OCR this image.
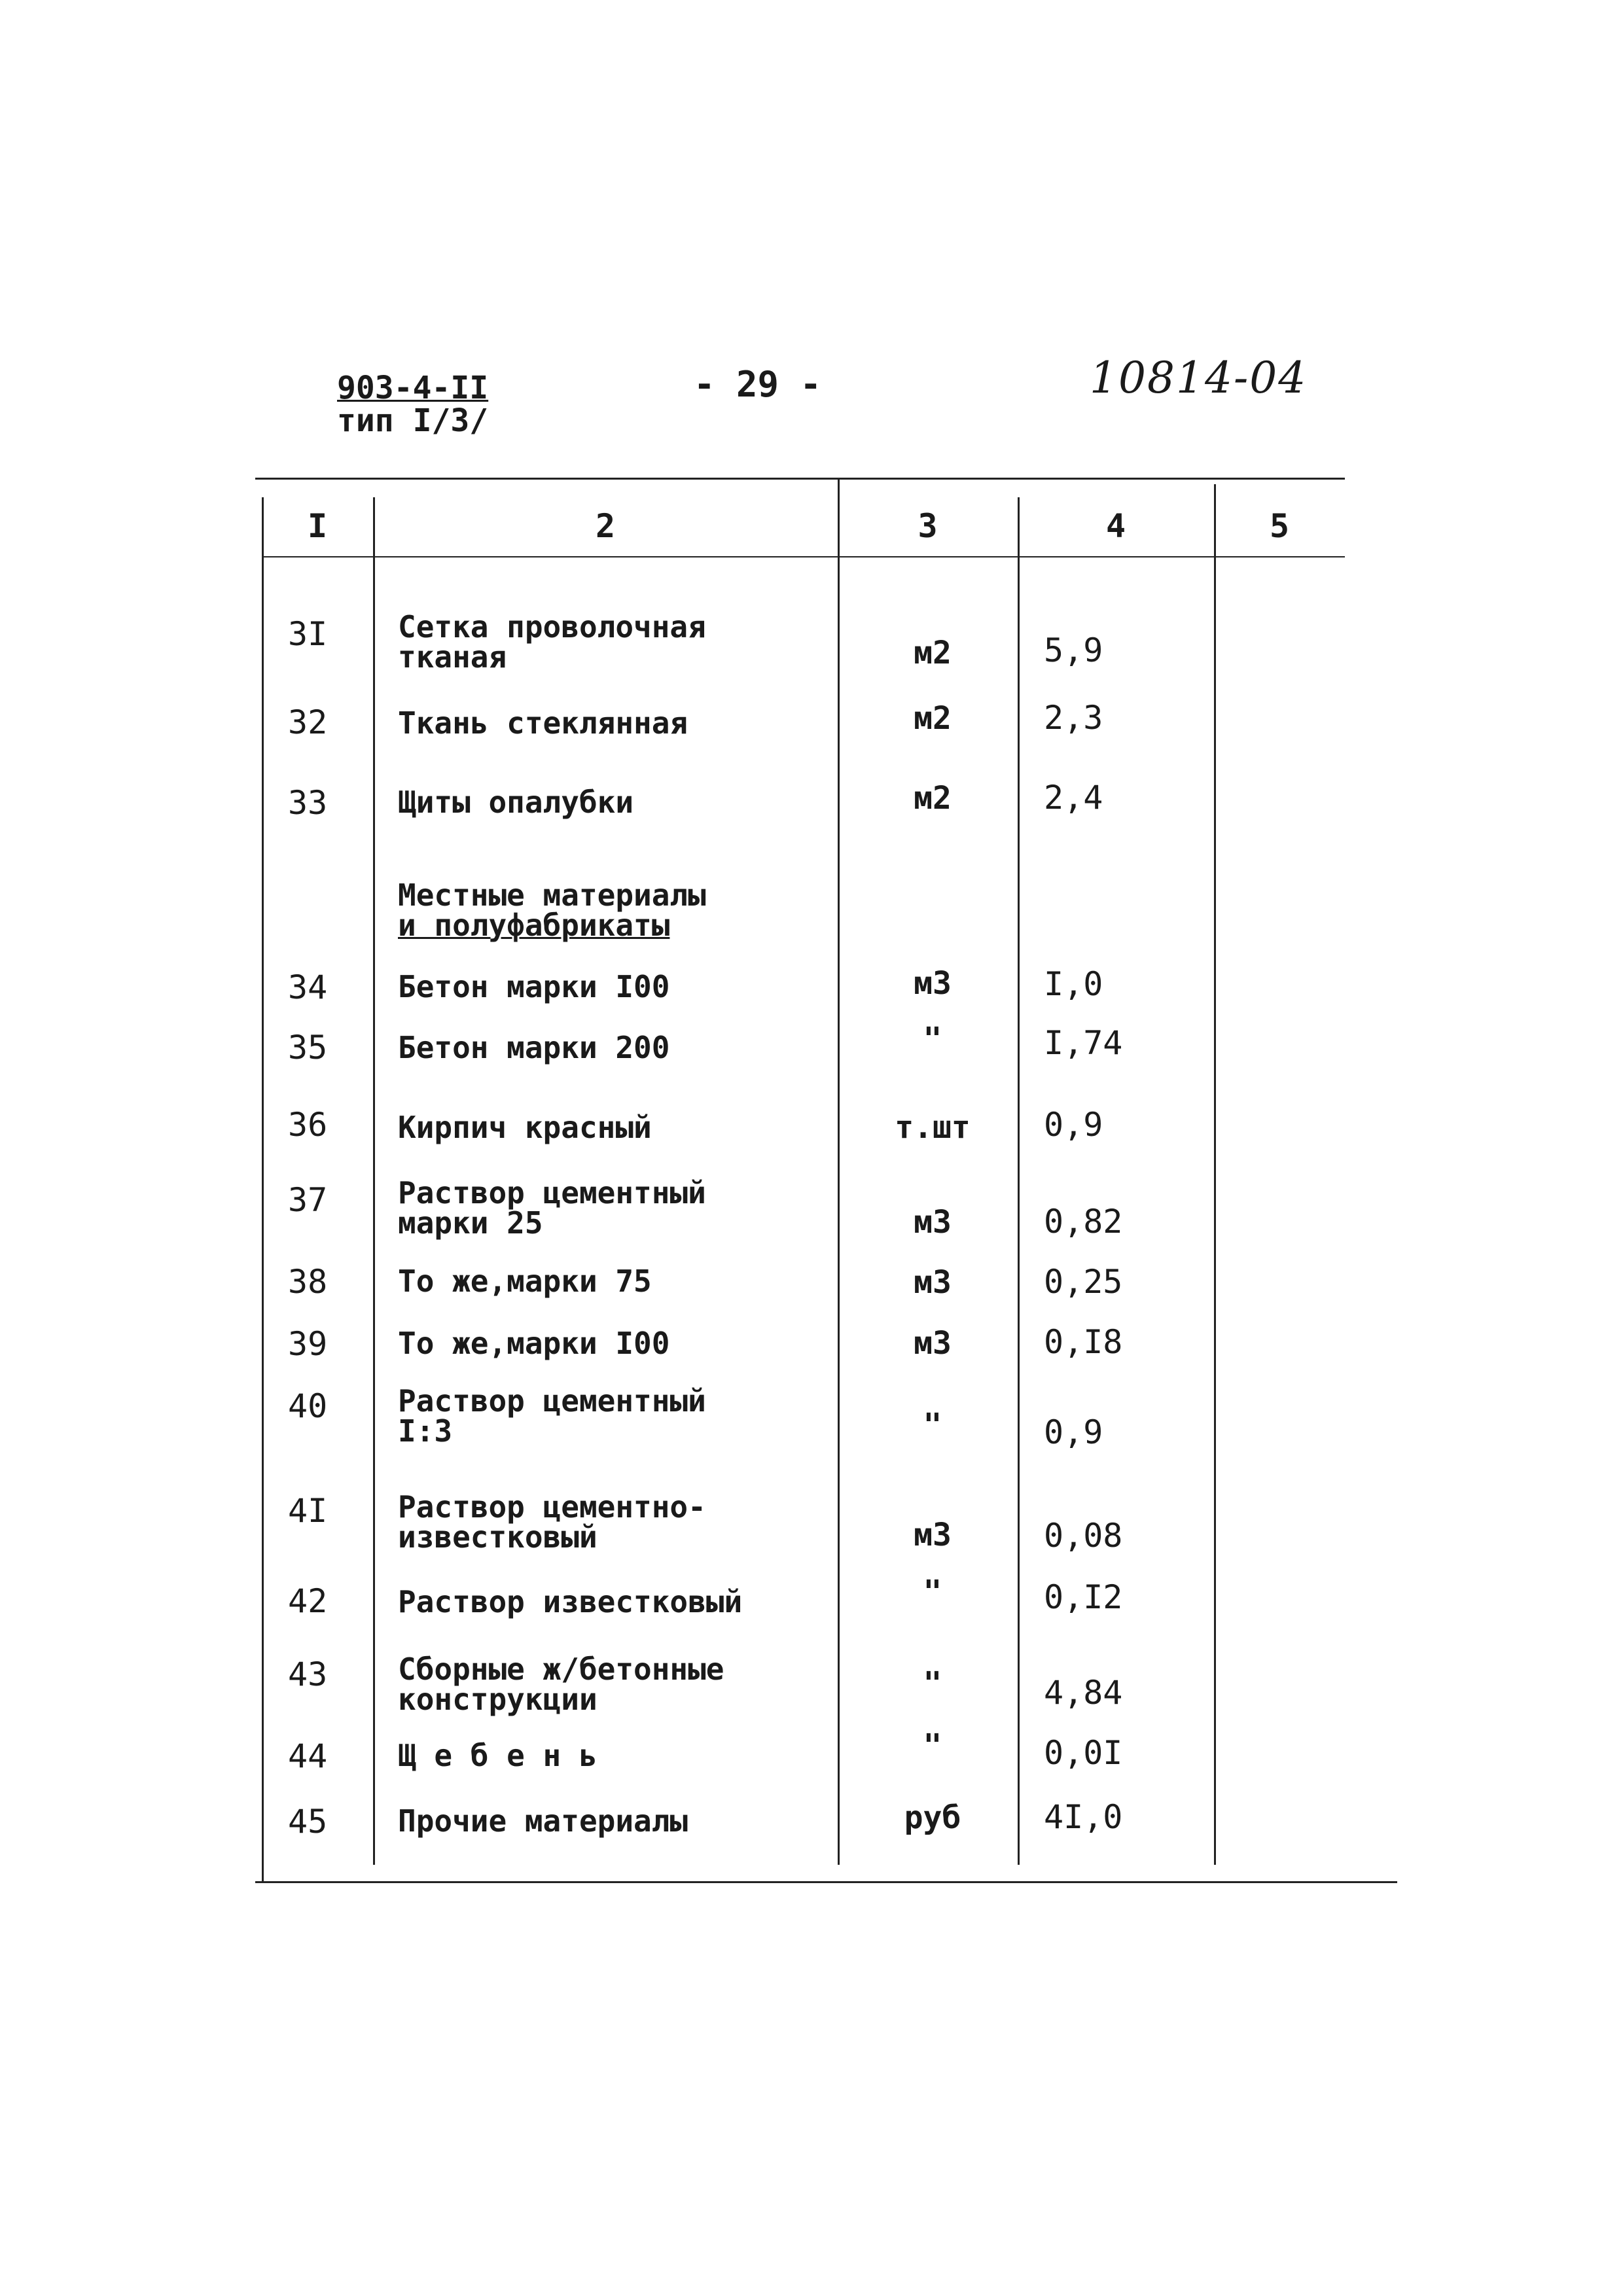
903-4-II
тип I/3/
- 29 -	10814-04
I	2	3	4	5
3I	Сетка проволочная
тканая	м2	5,9
32	Ткань стеклянная	м2	2,3
33	Щиты опалубки	м2	2,4
Местные материалы
и полуфабрикаты
34	Бетон марки I00	м3	I,0
35	Бетон марки 200	"	I,74
36	Кирпич красный	т.шт	0,9
37	Раствор цементный
марки 25	м3	0,82
38	То же,марки 75	м3	0,25
39	То же,марки I00	м3	0,I8
40	Раствор цементный
I:3	"	0,9
4I	Раствор цементно-
известковый	м3	0,08
42	Раствор известковый	"	0,I2
43	Сборные ж/бетонные
конструкции	"	4,84
44	Щ е б е н ь	"	0,0I
45	Прочие материалы	руб	4I,0
